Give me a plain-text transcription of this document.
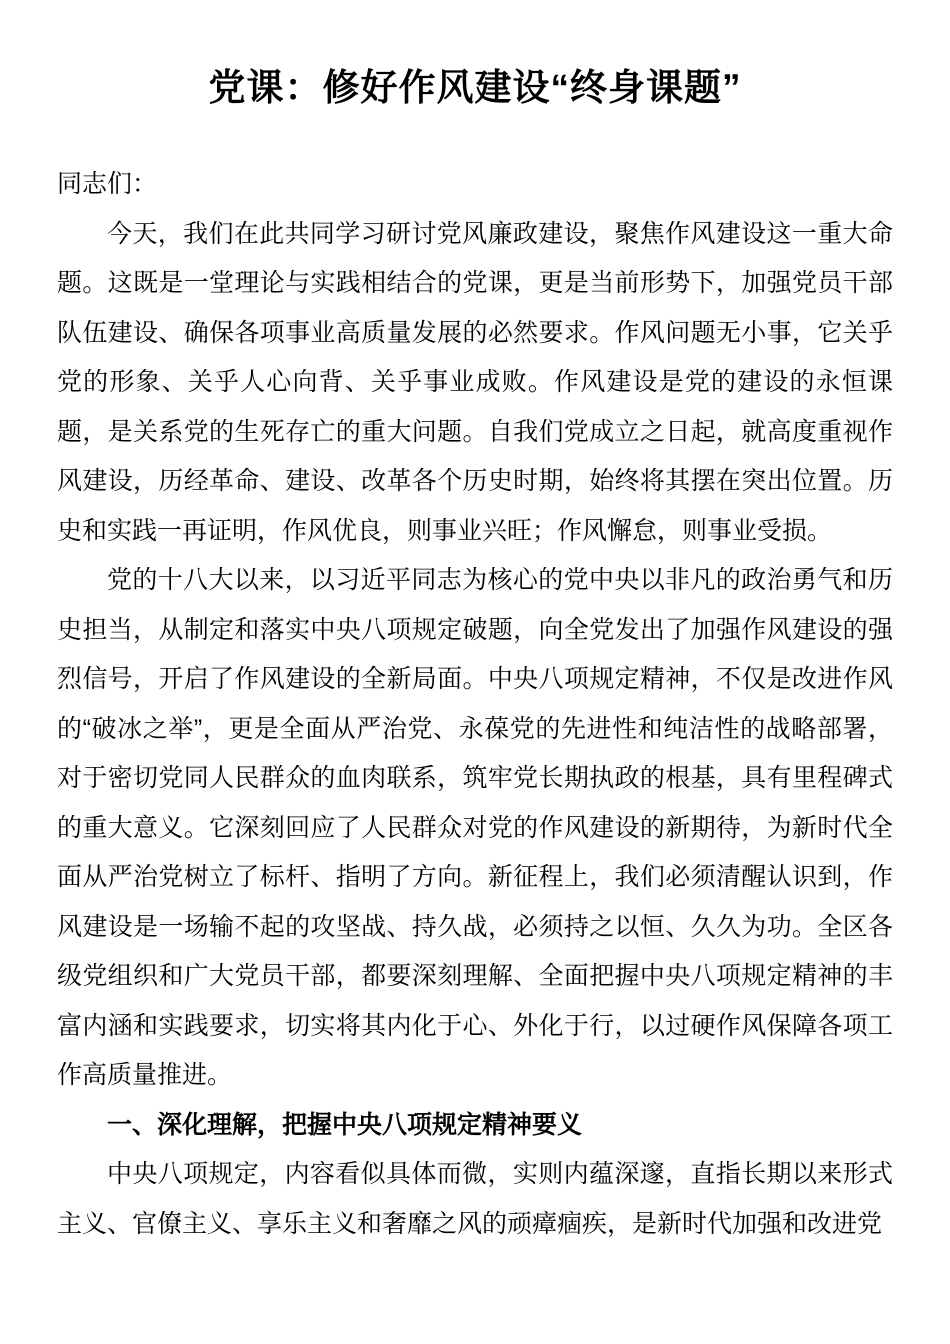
党课：修好作风建设“终身课题”

同志们：

今天，我们在此共同学习研讨党风廉政建设，聚焦作风建设这一重大命题。这既是一堂理论与实践相结合的党课，更是当前形势下，加强党员干部队伍建设、确保各项事业高质量发展的必然要求。作风问题无小事，它关乎党的形象、关乎人心向背、关乎事业成败。作风建设是党的建设的永恒课题，是关系党的生死存亡的重大问题。自我们党成立之日起，就高度重视作风建设，历经革命、建设、改革各个历史时期，始终将其摆在突出位置。历史和实践一再证明，作风优良，则事业兴旺；作风懈怠，则事业受损。

党的十八大以来，以习近平同志为核心的党中央以非凡的政治勇气和历史担当，从制定和落实中央八项规定破题，向全党发出了加强作风建设的强烈信号，开启了作风建设的全新局面。中央八项规定精神，不仅是改进作风的“破冰之举”，更是全面从严治党、永葆党的先进性和纯洁性的战略部署，对于密切党同人民群众的血肉联系，筑牢党长期执政的根基，具有里程碑式的重大意义。它深刻回应了人民群众对党的作风建设的新期待，为新时代全面从严治党树立了标杆、指明了方向。新征程上，我们必须清醒认识到，作风建设是一场输不起的攻坚战、持久战，必须持之以恒、久久为功。全区各级党组织和广大党员干部，都要深刻理解、全面把握中央八项规定精神的丰富内涵和实践要求，切实将其内化于心、外化于行，以过硬作风保障各项工作高质量推进。

一、深化理解，把握中央八项规定精神要义

中央八项规定，内容看似具体而微，实则内蕴深邃，直指长期以来形式主义、官僚主义、享乐主义和奢靡之风的顽瘴痼疾，是新时代加强和改进党
